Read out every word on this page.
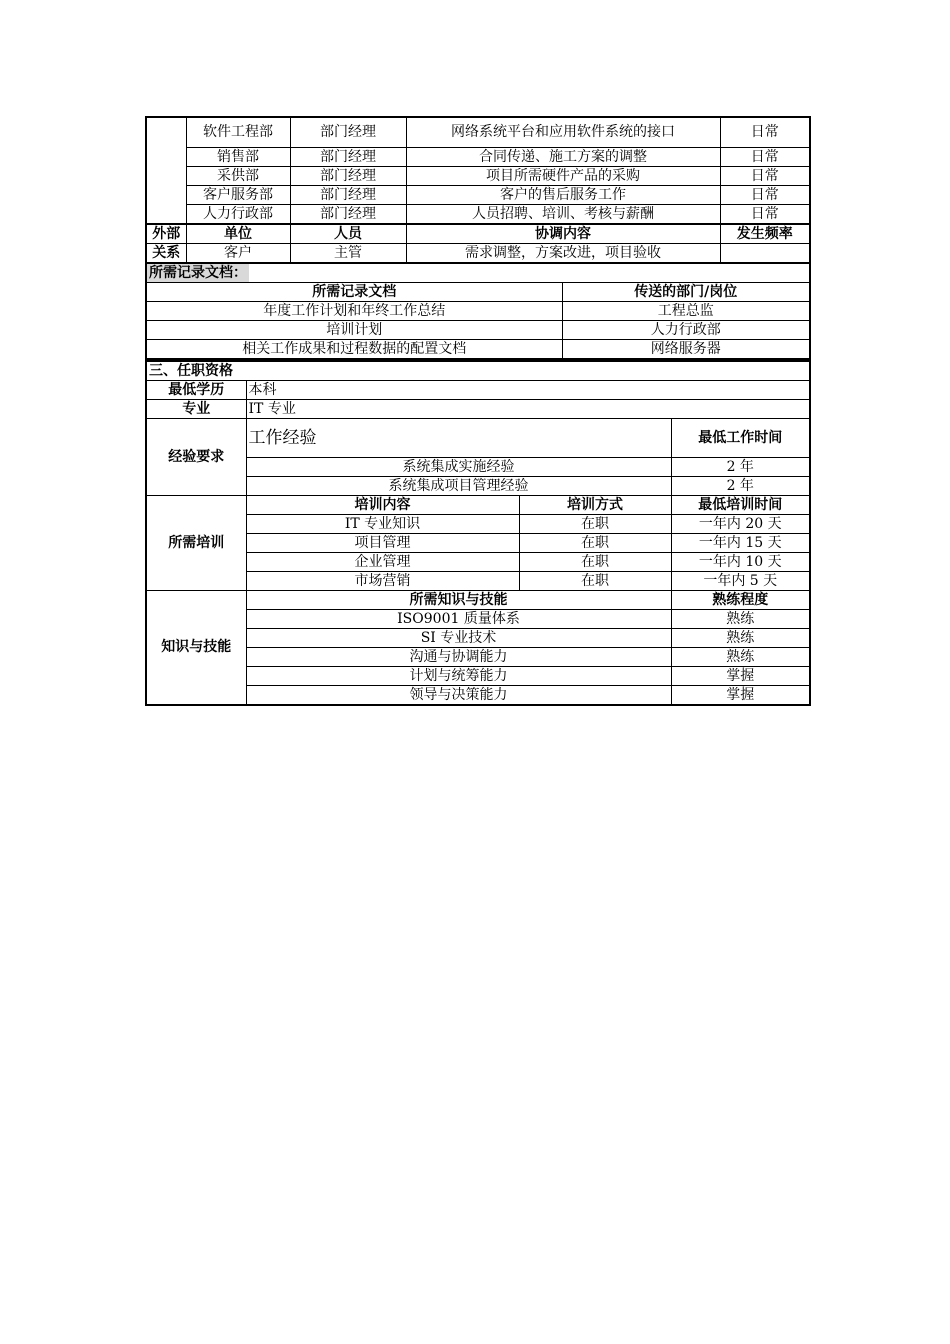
	软件工程部	部门经理	网络系统平台和应用软件系统的接口	日常
	销售部	部门经理	合同传递、施工方案的调整	日常
	采供部	部门经理	项目所需硬件产品的采购	日常
	客户服务部	部门经理	客户的售后服务工作	日常
	人力行政部	部门经理	人员招聘、培训、考核与薪酬	日常
外部	单位	人员	协调内容	发生频率
关系	客户	主管	需求调整，方案改进，项目验收	
所需记录文档：	
所需记录文档	传送的部门/岗位
年度工作计划和年终工作总结	工程总监
培训计划	人力行政部
相关工作成果和过程数据的配置文档	网络服务器
三、任职资格			
最低学历	本科		
专业	IT 专业		
经验要求	工作经验		最低工作时间
	系统集成实施经验		2 年
	系统集成项目管理经验		2 年
所需培训	培训内容	培训方式	最低培训时间
	IT 专业知识	在职	一年内 20 天
	项目管理	在职	一年内 15 天
	企业管理	在职	一年内 10 天
	市场营销	在职	一年内 5 天
知识与技能	所需知识与技能		熟练程度
	ISO9001 质量体系		熟练
	SI 专业技术		熟练
	沟通与协调能力		熟练
	计划与统筹能力		掌握
	领导与决策能力		掌握
